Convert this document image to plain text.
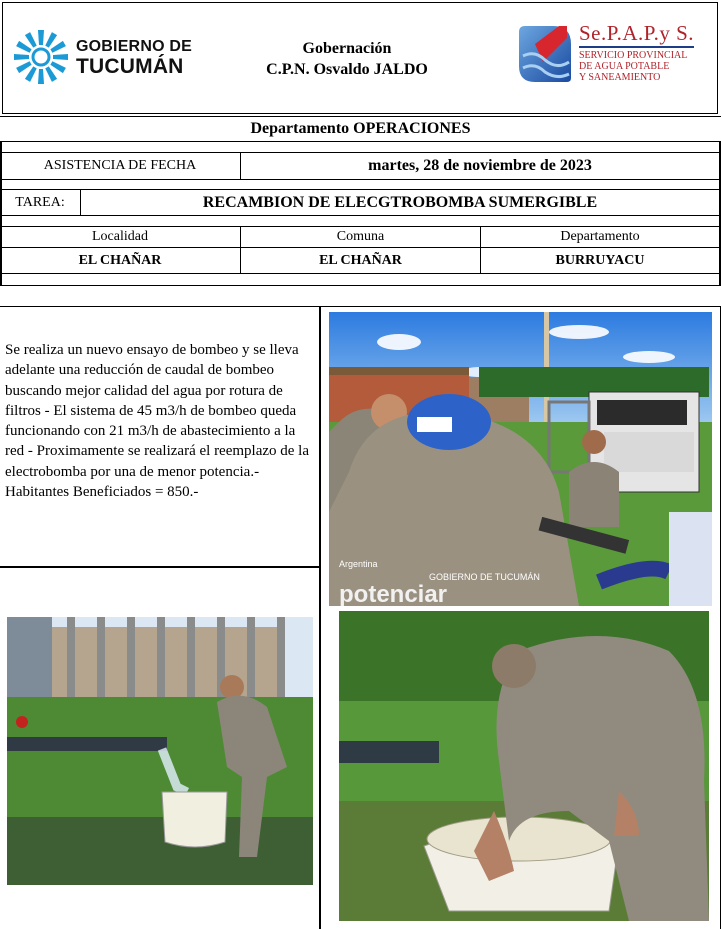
GOBIERNO DE
TUCUMÁN
Gobernación
C.P.N. Osvaldo JALDO
Se.P.A.P.y S.
SERVICIO PROVINCIAL
DE AGUA POTABLE
Y SANEAMIENTO
Departamento OPERACIONES
ASISTENCIA DE FECHA	martes, 28 de noviembre de 2023
TAREA:	RECAMBION DE ELECGTROBOMBA SUMERGIBLE
Localidad	Comuna	Departamento
EL CHAÑAR	EL CHAÑAR	BURRUYACU
Se realiza un nuevo ensayo de bombeo y se lleva adelante una reducción de caudal de bombeo buscando mejor calidad del agua por rotura de filtros - El sistema de 45 m3/h de bombeo queda funcionando con 21 m3/h de abastecimiento a la red - Proximamente se realizará el reemplazo de la electrobomba por una de menor potencia.-
Habitantes Beneficiados = 850.-
potenciar
Argentina
GOBIERNO DE TUCUMÁN
